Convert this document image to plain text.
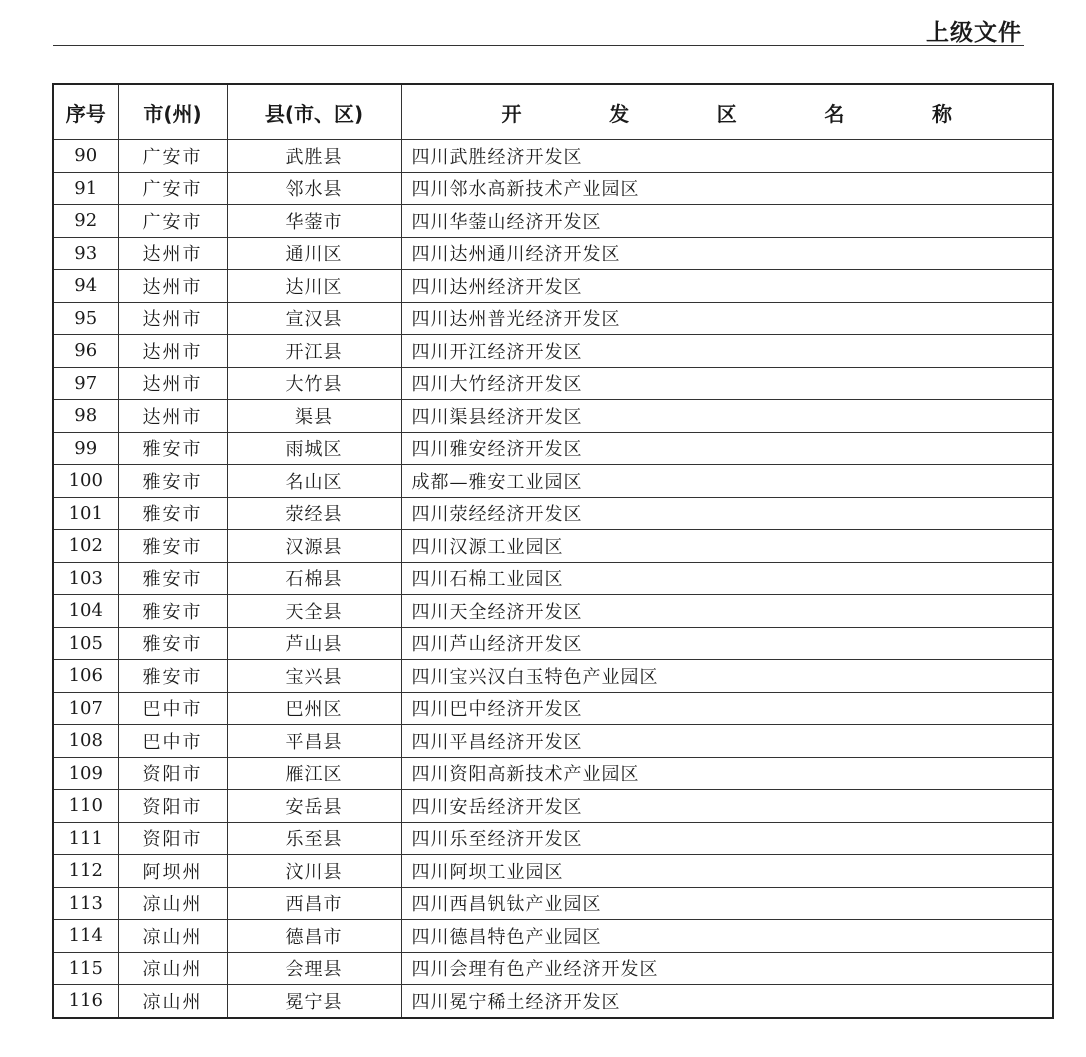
上级文件
序号	市(州)	县(市、区)	开 发 区 名 称

90	广安市	武胜县	四川武胜经济开发区
91	广安市	邻水县	四川邻水高新技术产业园区
92	广安市	华蓥市	四川华蓥山经济开发区
93	达州市	通川区	四川达州通川经济开发区
94	达州市	达川区	四川达州经济开发区
95	达州市	宣汉县	四川达州普光经济开发区
96	达州市	开江县	四川开江经济开发区
97	达州市	大竹县	四川大竹经济开发区
98	达州市	渠县	四川渠县经济开发区
99	雅安市	雨城区	四川雅安经济开发区
100	雅安市	名山区	成都—雅安工业园区
101	雅安市	荥经县	四川荥经经济开发区
102	雅安市	汉源县	四川汉源工业园区
103	雅安市	石棉县	四川石棉工业园区
104	雅安市	天全县	四川天全经济开发区
105	雅安市	芦山县	四川芦山经济开发区
106	雅安市	宝兴县	四川宝兴汉白玉特色产业园区
107	巴中市	巴州区	四川巴中经济开发区
108	巴中市	平昌县	四川平昌经济开发区
109	资阳市	雁江区	四川资阳高新技术产业园区
110	资阳市	安岳县	四川安岳经济开发区
111	资阳市	乐至县	四川乐至经济开发区
112	阿坝州	汶川县	四川阿坝工业园区
113	凉山州	西昌市	四川西昌钒钛产业园区
114	凉山州	德昌市	四川德昌特色产业园区
115	凉山州	会理县	四川会理有色产业经济开发区
116	凉山州	冕宁县	四川冕宁稀土经济开发区
